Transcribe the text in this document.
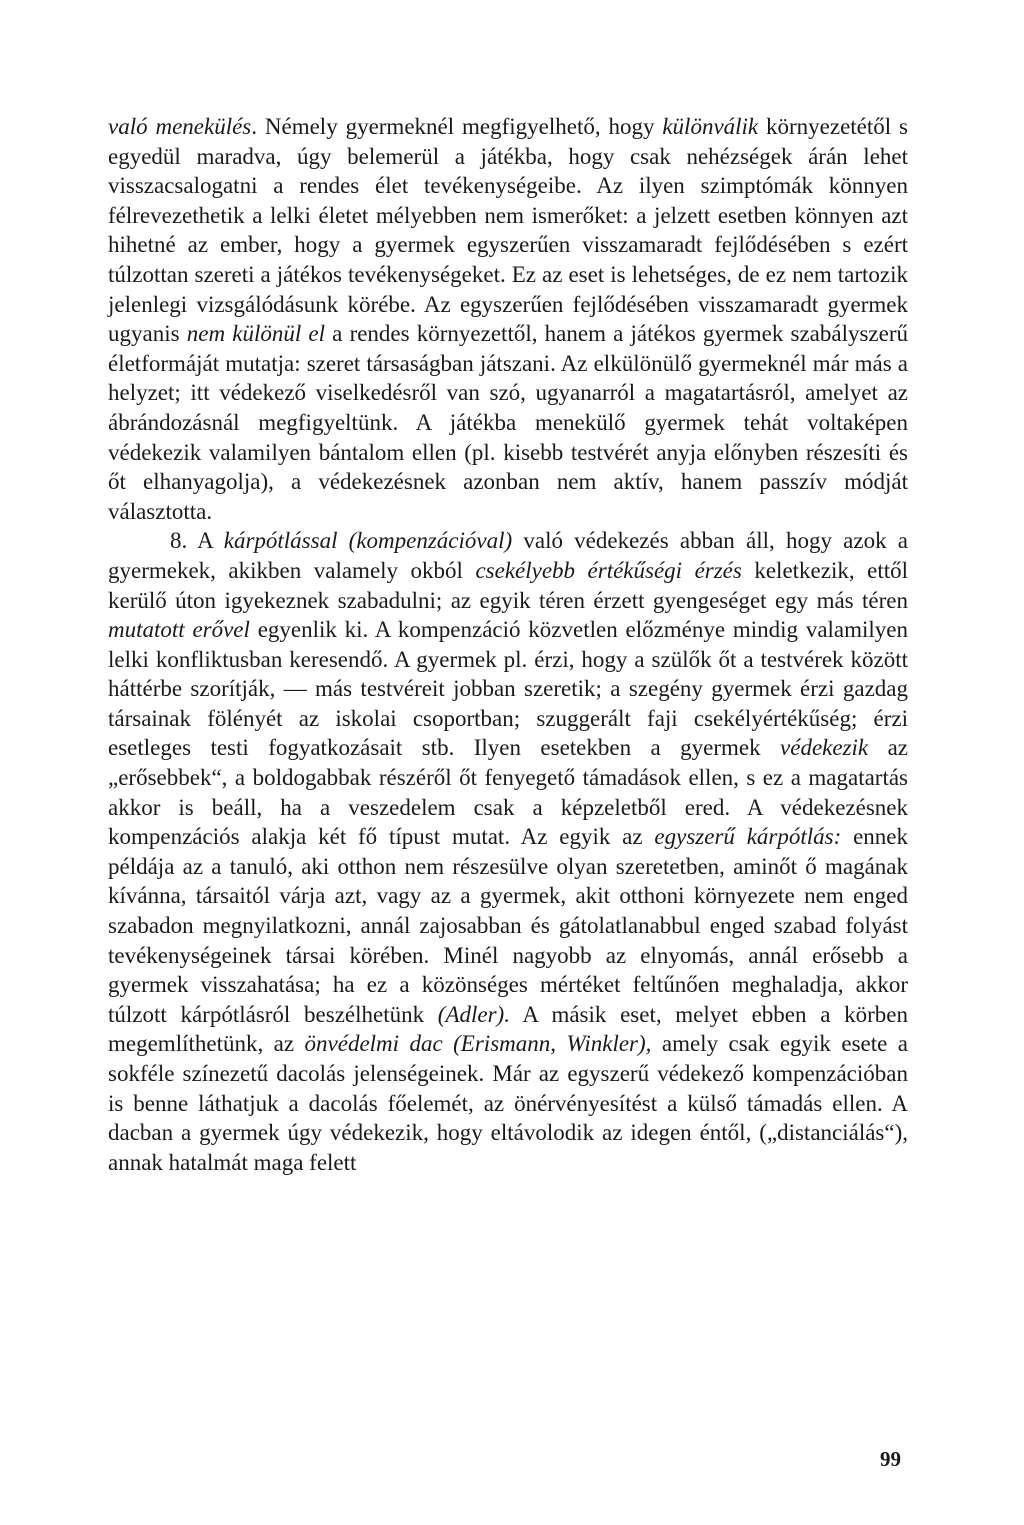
való menekülés. Némely gyermeknél megfigyelhető, hogy különválik környezetétől s egyedül maradva, úgy belemerül a játékba, hogy csak nehézségek árán lehet visszacsalogatni a rendes élet tevékenységeibe. Az ilyen szimptómák könnyen félrevezethetik a lelki életet mélyebben nem ismerőket: a jelzett esetben könnyen azt hihetné az ember, hogy a gyermek egyszerűen visszamaradt fejlődésében s ezért túlzottan szereti a játékos tevékenységeket. Ez az eset is lehetséges, de ez nem tartozik jelenlegi vizsgálódásunk körébe. Az egyszerűen fejlődésében visszamaradt gyermek ugyanis nem különül el a rendes környezettől, hanem a játékos gyermek szabályszerű életformáját mutatja: szeret társaságban játszani. Az elkülönülő gyermeknél már más a helyzet; itt védekező viselkedésről van szó, ugyanarról a magatartásról, amelyet az ábrándozásnál megfigyeltünk. A játékba menekülő gyermek tehát voltaképen védekezik valamilyen bántalom ellen (pl. kisebb testvérét anyja előnyben részesíti és őt elhanyagolja), a védekezésnek azonban nem aktív, hanem passzív módját választotta.

8. A kárpótlással (kompenzációval) való védekezés abban áll, hogy azok a gyermekek, akikben valamely okból csekélyebb értékűségi érzés keletkezik, ettől kerülő úton igyekeznek szabadulni; az egyik téren érzett gyengeséget egy más téren mutatott erővel egyenlik ki. A kompenzáció közvetlen előzménye mindig valamilyen lelki konfliktusban keresendő. A gyermek pl. érzi, hogy a szülők őt a testvérek között háttérbe szorítják, — más testvéreit jobban szeretik; a szegény gyermek érzi gazdag társainak fölényét az iskolai csoportban; szuggerált faji csekélyértékűség; érzi esetleges testi fogyatkozásait stb. Ilyen esetekben a gyermek védekezik az „erősebbek“, a boldogabbak részéről őt fenyegető támadások ellen, s ez a magatartás akkor is beáll, ha a veszedelem csak a képzeletből ered. A védekezésnek kompenzációs alakja két fő típust mutat. Az egyik az egyszerű kárpótlás: ennek példája az a tanuló, aki otthon nem részesülve olyan szeretetben, aminőt ő magának kívánna, társaitól várja azt, vagy az a gyermek, akit otthoni környezete nem enged szabadon megnyilatkozni, annál zajosabban és gátolatlanabbul enged szabad folyást tevékenységeinek társai körében. Minél nagyobb az elnyomás, annál erősebb a gyermek visszahatása; ha ez a közönséges mértéket feltűnően meghaladja, akkor túlzott kárpótlásról beszélhetünk (Adler). A másik eset, melyet ebben a körben megemlíthetünk, az önvédelmi dac (Erismann, Winkler), amely csak egyik esete a sokféle színezetű dacolás jelenségeinek. Már az egyszerű védekező kompenzációban is benne láthatjuk a dacolás főelemét, az önérvényesítést a külső támadás ellen. A dacban a gyermek úgy védekezik, hogy eltávolodik az idegen éntől, („distanciálás“), annak hatalmát maga felett

99
